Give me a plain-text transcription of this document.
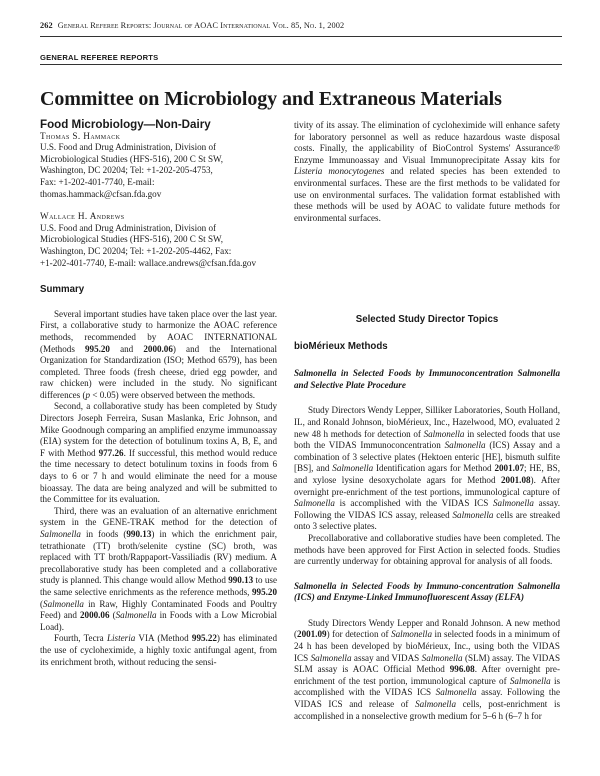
262 General Referee Reports: Journal of AOAC International Vol. 85, No. 1, 2002
GENERAL REFEREE REPORTS
Committee on Microbiology and Extraneous Materials

Food Microbiology—Non-Dairy

Thomas S. Hammack

U.S. Food and Drug Administration, Division of

Microbiological Studies (HFS-516), 200 C St SW,

Washington, DC 20204; Tel: +1-202-205-4753,

Fax: +1-202-401-7740, E-mail:

thomas.hammack@cfsan.fda.gov

Wallace H. Andrews

U.S. Food and Drug Administration, Division of

Microbiological Studies (HFS-516), 200 C St SW,

Washington, DC 20204; Tel: +1-202-205-4462, Fax:

+1-202-401-7740, E-mail: wallace.andrews@cfsan.fda.gov

Summary

Several important studies have taken place over the last year. First, a collaborative study to harmonize the AOAC reference methods, recommended by AOAC INTERNATIONAL (Methods 995.20 and 2000.06) and the International Organization for Standardization (ISO; Method 6579), has been completed. Three foods (fresh cheese, dried egg powder, and raw chicken) were included in the study. No significant differences (p < 0.05) were observed between the methods.

Second, a collaborative study has been completed by Study Directors Joseph Ferreira, Susan Maslanka, Eric Johnson, and Mike Goodnough comparing an amplified enzyme immunoassay (EIA) system for the detection of botulinum toxins A, B, E, and F with Method 977.26. If successful, this method would reduce the time necessary to detect botulinum toxins in foods from 6 days to 6 or 7 h and would eliminate the need for a mouse bioassay. The data are being analyzed and will be submitted to the Committee for its evaluation.

Third, there was an evaluation of an alternative enrichment system in the GENE-TRAK method for the detection of Salmonella in foods (990.13) in which the enrichment pair, tetrathionate (TT) broth/selenite cystine (SC) broth, was replaced with TT broth/Rappaport-Vassiliadis (RV) medium. A precollaborative study has been completed and a collaborative study is planned. This change would allow Method 990.13 to use the same selective enrichments as the reference methods, 995.20 (Salmonella in Raw, Highly Contaminated Foods and Poultry Feed) and 2000.06 (Salmonella in Foods with a Low Microbial Load).

Fourth, Tecra Listeria VIA (Method 995.22) has eliminated the use of cycloheximide, a highly toxic antifungal agent, from its enrichment broth, without reducing the sensi-

tivity of its assay. The elimination of cycloheximide will enhance safety for laboratory personnel as well as reduce hazardous waste disposal costs. Finally, the applicability of BioControl Systems' Assurance® Enzyme Immunoassay and Visual Immunoprecipitate Assay kits for Listeria monocytogenes and related species has been extended to environmental surfaces. These are the first methods to be validated for use on environmental surfaces. The validation format established with these methods will be used by AOAC to validate future methods for environmental surfaces.

Selected Study Director Topics

bioMérieux Methods

Salmonella in Selected Foods by Immunoconcentration Salmonella and Selective Plate Procedure

Study Directors Wendy Lepper, Silliker Laboratories, South Holland, IL, and Ronald Johnson, bioMérieux, Inc., Hazelwood, MO, evaluated 2 new 48 h methods for detection of Salmonella in selected foods that use both the VIDAS Immunoconcentration Salmonella (ICS) Assay and a combination of 3 selective plates (Hektoen enteric [HE], bismuth sulfite [BS], and Salmonella Identification agars for Method 2001.07; HE, BS, and xylose lysine desoxycholate agars for Method 2001.08). After overnight pre-enrichment of the test portions, immunological capture of Salmonella is accomplished with the VIDAS ICS Salmonella assay. Following the VIDAS ICS assay, released Salmonella cells are streaked onto 3 selective plates.

Precollaborative and collaborative studies have been completed. The methods have been approved for First Action in selected foods. Studies are currently underway for obtaining approval for analysis of all foods.

Salmonella in Selected Foods by Immuno-concentration Salmonella (ICS) and Enzyme-Linked Immunofluorescent Assay (ELFA)

Study Directors Wendy Lepper and Ronald Johnson. A new method (2001.09) for detection of Salmonella in selected foods in a minimum of 24 h has been developed by bioMérieux, Inc., using both the VIDAS ICS Salmonella assay and VIDAS Salmonella (SLM) assay. The VIDAS SLM assay is AOAC Official Method 996.08. After overnight pre-enrichment of the test portion, immunological capture of Salmonella is accomplished with the VIDAS ICS Salmonella assay. Following the VIDAS ICS and release of Salmonella cells, post-enrichment is accomplished in a nonselective growth medium for 5–6 h (6–7 h for
